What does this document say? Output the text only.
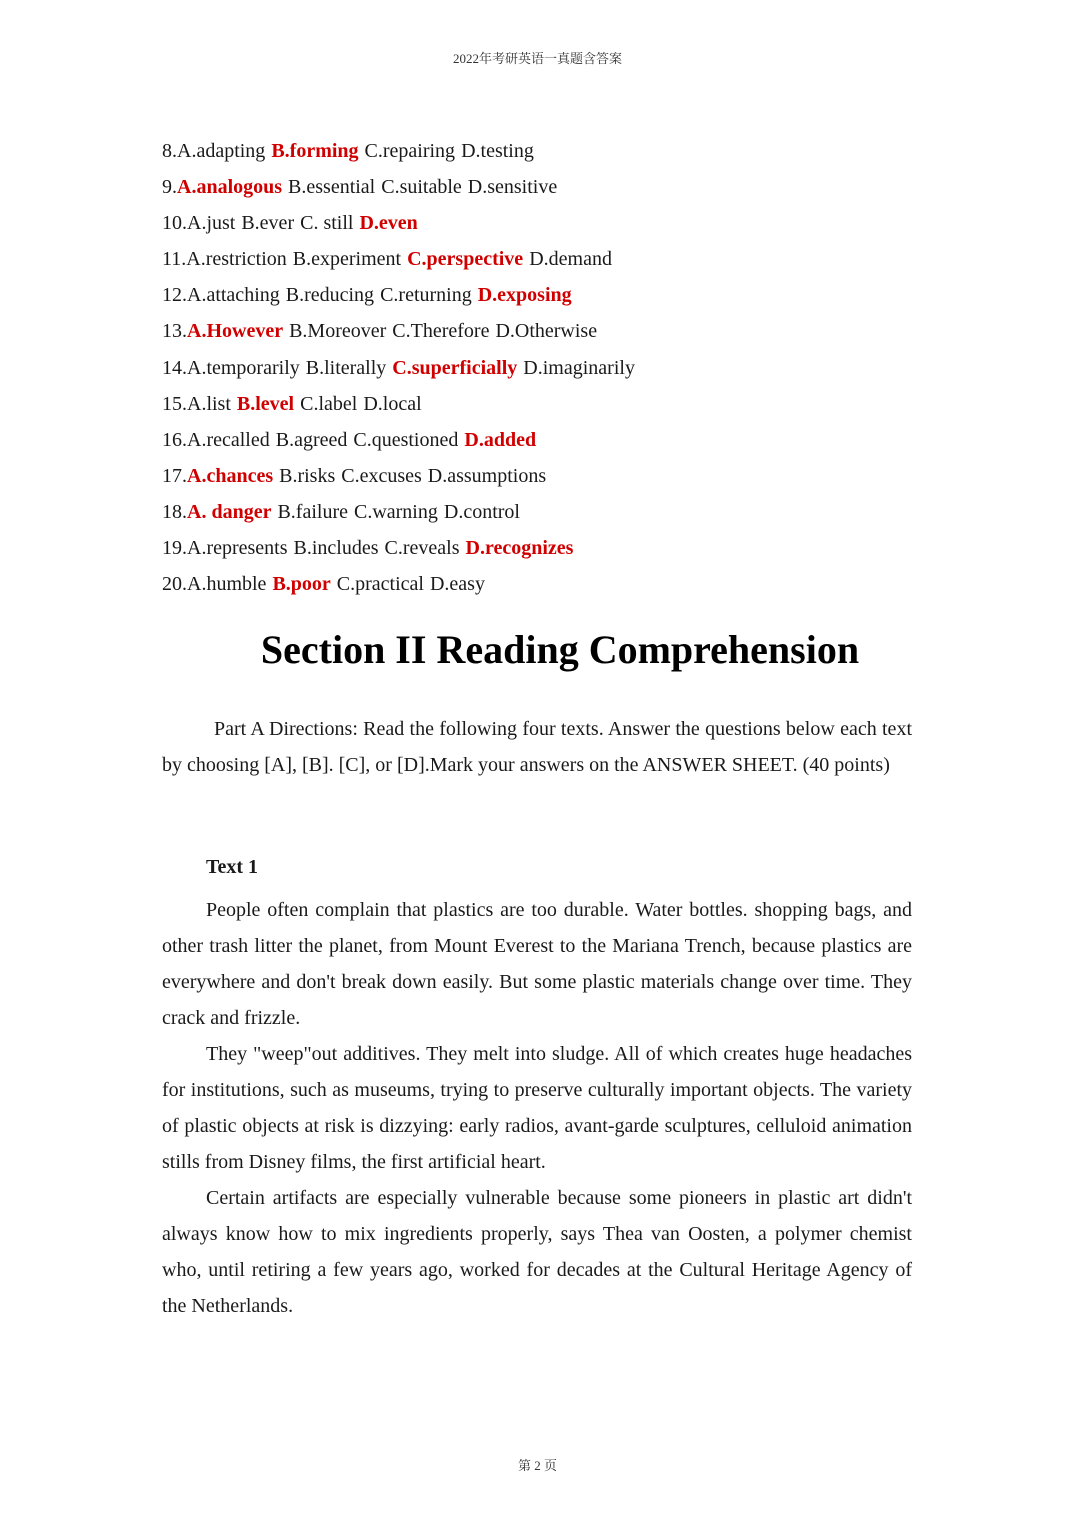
2022年考研英语一真题含答案
8.A.adapting B.forming C.repairing D.testing
9.A.analogous B.essential C.suitable D.sensitive
10.A.just B.ever C. still D.even
11.A.restriction B.experiment C.perspective D.demand
12.A.attaching B.reducing C.returning D.exposing
13.A.However B.Moreover C.Therefore D.Otherwise
14.A.temporarily B.literally C.superficially D.imaginarily
15.A.list B.level C.label D.local
16.A.recalled B.agreed C.questioned D.added
17.A.chances B.risks C.excuses D.assumptions
18.A. danger B.failure C.warning D.control
19.A.represents B.includes C.reveals D.recognizes
20.A.humble B.poor C.practical D.easy
Section II Reading Comprehension

Part A Directions: Read the following four texts. Answer the questions below each text by choosing [A], [B]. [C], or [D].Mark your answers on the ANSWER SHEET. (40 points)

Text 1

People often complain that plastics are too durable. Water bottles. shopping bags, and other trash litter the planet, from Mount Everest to the Mariana Trench, because plastics are everywhere and don't break down easily. But some plastic materials change over time. They crack and frizzle.

They "weep"out additives. They melt into sludge. All of which creates huge headaches for institutions, such as museums, trying to preserve culturally important objects. The variety of plastic objects at risk is dizzying: early radios, avant-garde sculptures, celluloid animation stills from Disney films, the first artificial heart.

Certain artifacts are especially vulnerable because some pioneers in plastic art didn't always know how to mix ingredients properly, says Thea van Oosten, a polymer chemist who, until retiring a few years ago, worked for decades at the Cultural Heritage Agency of the Netherlands.

第 2 页
